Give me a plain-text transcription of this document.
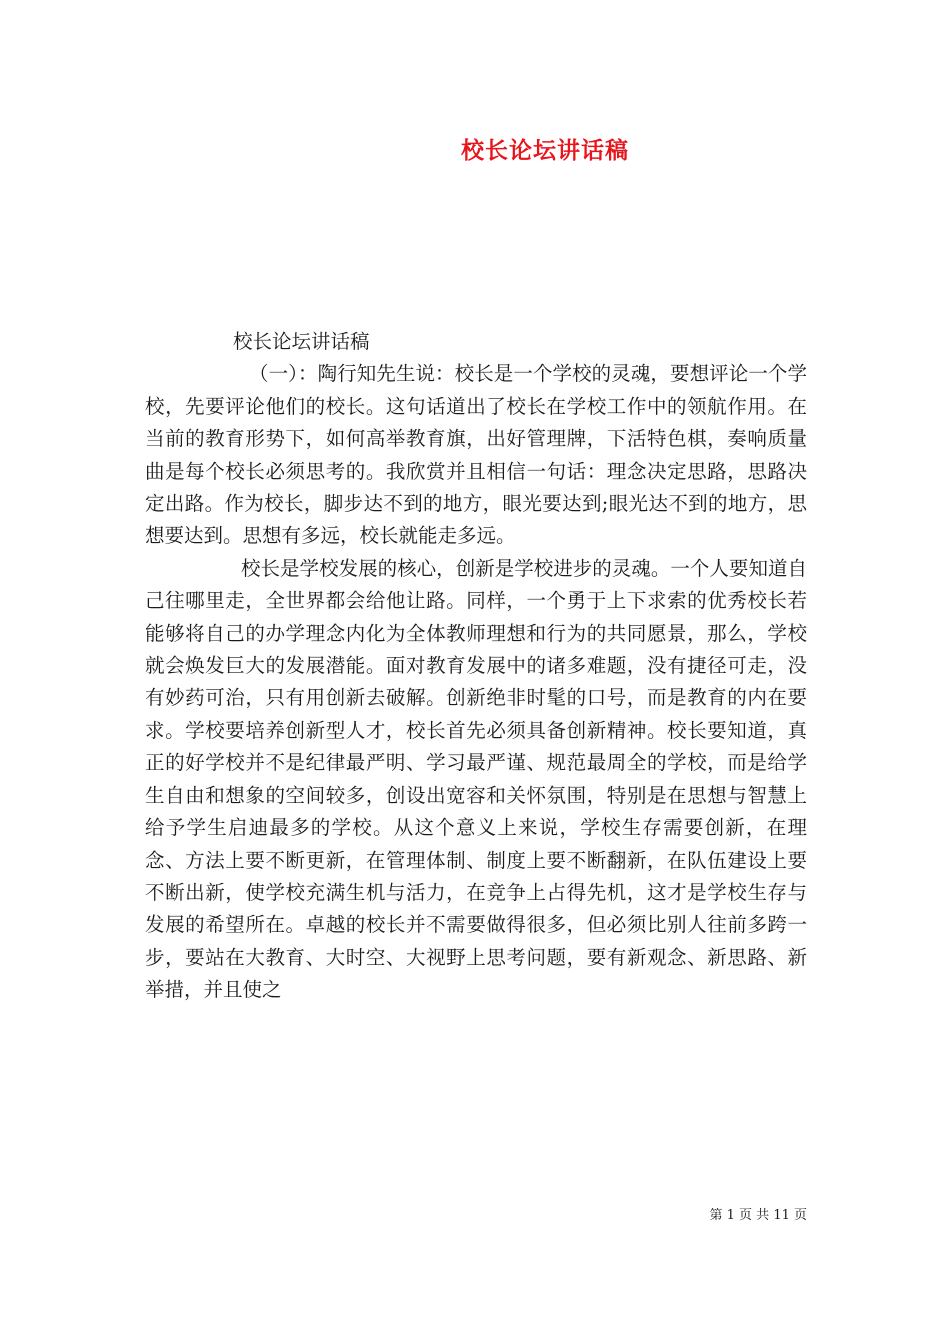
校长论坛讲话稿

校长论坛讲话稿

（一）：陶行知先生说：校长是一个学校的灵魂，要想评论一个学校，先要评论他们的校长。这句话道出了校长在学校工作中的领航作用。在当前的教育形势下，如何高举教育旗，出好管理牌，下活特色棋，奏响质量曲是每个校长必须思考的。我欣赏并且相信一句话：理念决定思路，思路决定出路。作为校长，脚步达不到的地方，眼光要达到;眼光达不到的地方，思想要达到。思想有多远，校长就能走多远。

校长是学校发展的核心，创新是学校进步的灵魂。一个人要知道自己往哪里走，全世界都会给他让路。同样，一个勇于上下求索的优秀校长若能够将自己的办学理念内化为全体教师理想和行为的共同愿景，那么，学校就会焕发巨大的发展潜能。面对教育发展中的诸多难题，没有捷径可走，没有妙药可治，只有用创新去破解。创新绝非时髦的口号，而是教育的内在要求。学校要培养创新型人才，校长首先必须具备创新精神。校长要知道，真正的好学校并不是纪律最严明、学习最严谨、规范最周全的学校，而是给学生自由和想象的空间较多，创设出宽容和关怀氛围，特别是在思想与智慧上给予学生启迪最多的学校。从这个意义上来说，学校生存需要创新，在理念、方法上要不断更新，在管理体制、制度上要不断翻新，在队伍建设上要不断出新，使学校充满生机与活力，在竞争上占得先机，这才是学校生存与发展的希望所在。卓越的校长并不需要做得很多，但必须比别人往前多跨一步，要站在大教育、大时空、大视野上思考问题，要有新观念、新思路、新举措，并且使之

第 1 页 共 11 页
